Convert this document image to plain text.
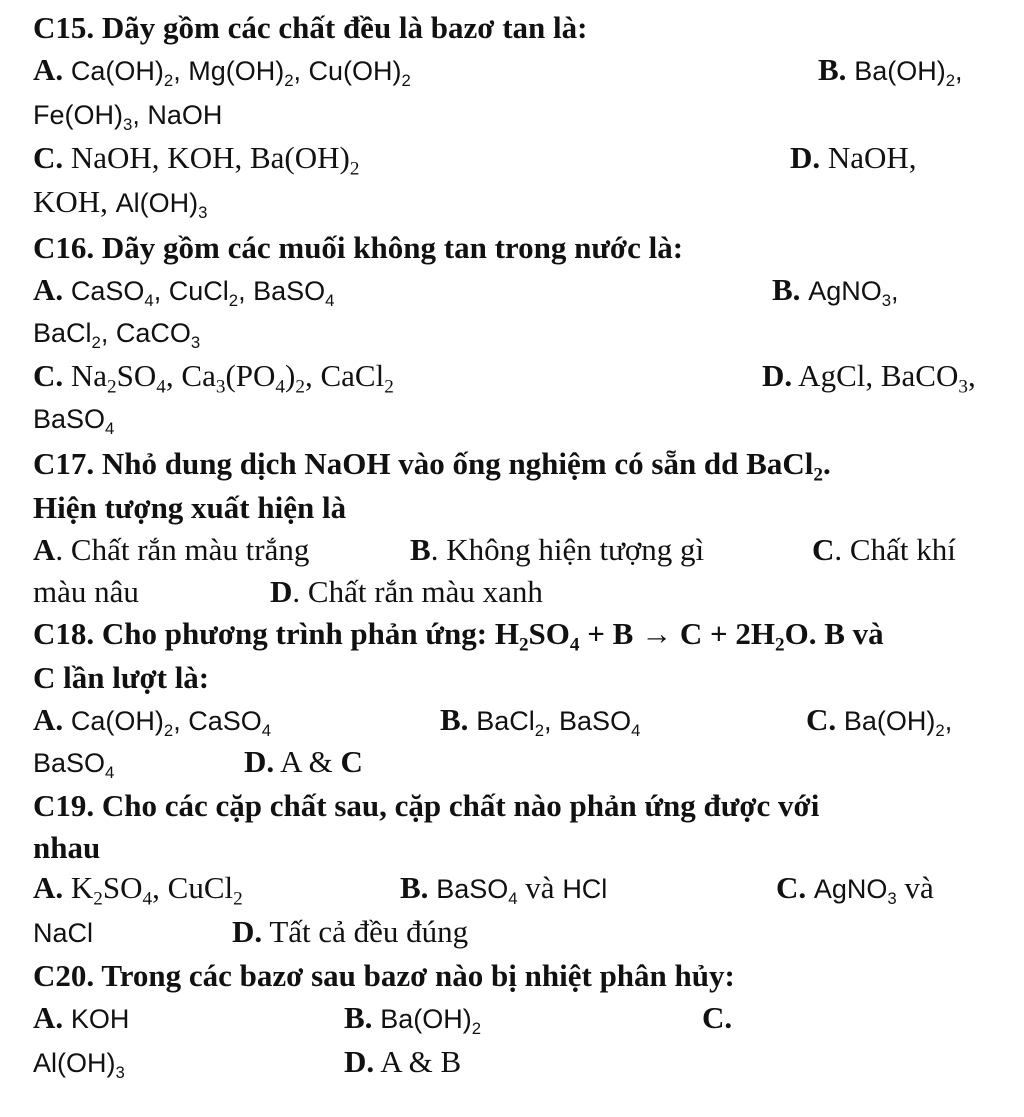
C15. Dãy gồm các chất đều là bazơ tan là:
A. $Ca(OH)_2$, $Mg(OH)_2$, $Cu(OH)_2$	B. $Ba(OH)_2$,
$Fe(OH)_3$, NaOH
C. NaOH, KOH, $Ba(OH)_2$	D. NaOH,
KOH, $Al(OH)_3$
C16. Dãy gồm các muối không tan trong nước là:
A. CaSO$_4$, CuCl$_2$, BaSO$_4$	B. AgNO$_3$,
BaCl$_2$, CaCO$_3$
C. $Na_2SO_4$, $Ca_3(PO_4)_2$, CaCl$_2$	D. AgCl, BaCO$_3$,
BaSO$_4$
C17. Nhỏ dung dịch NaOH vào ống nghiệm có sẵn dd BaCl$_2$.
Hiện tượng xuất hiện là
A. Chất rắn màu trắng	B. Không hiện tượng gì	C. Chất khí
màu nâu	D. Chất rắn màu xanh
C18. Cho phương trình phản ứng: $H_2SO_4 + B \to C + 2H_2O$. B và
C lần lượt là:
A. $Ca(OH)_2$, CaSO$_4$	B. BaCl$_2$, BaSO$_4$	C. $Ba(OH)_2$,
BaSO$_4$	D. A & C
C19. Cho các cặp chất sau, cặp chất nào phản ứng được với
nhau
A. $K_2SO_4$, CuCl$_2$	B. BaSO$_4$ và HCl	C. AgNO$_3$ và
NaCl	D. Tất cả đều đúng
C20. Trong các bazơ sau bazơ nào bị nhiệt phân hủy:
A. KOH	B. $Ba(OH)_2$	C.
$Al(OH)_3$	D. A & B
